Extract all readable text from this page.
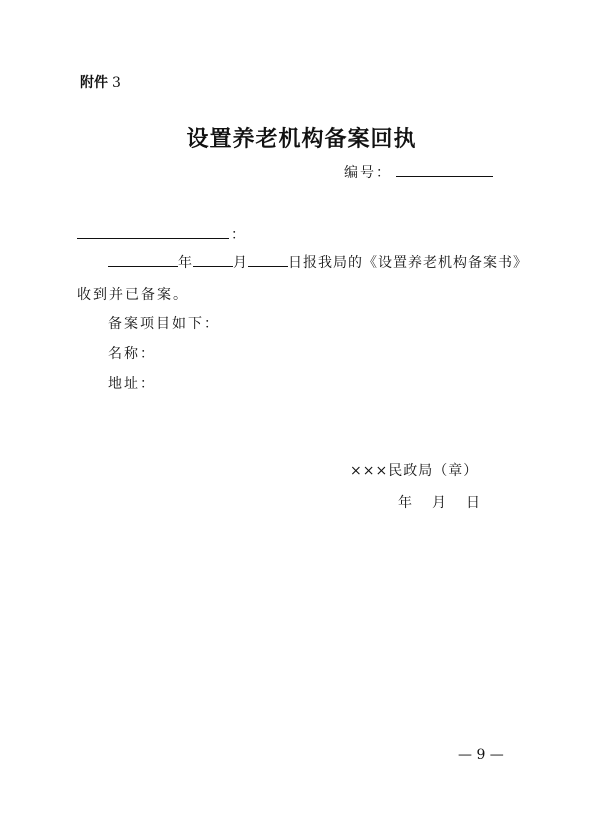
附件 3
设置养老机构备案回执
编号：
：
年	月	日报我局的《设置养老机构备案书》
收到并已备案。
备案项目如下：
名称：
地址：
×××民政局（章）
年 月 日
— 9 —
